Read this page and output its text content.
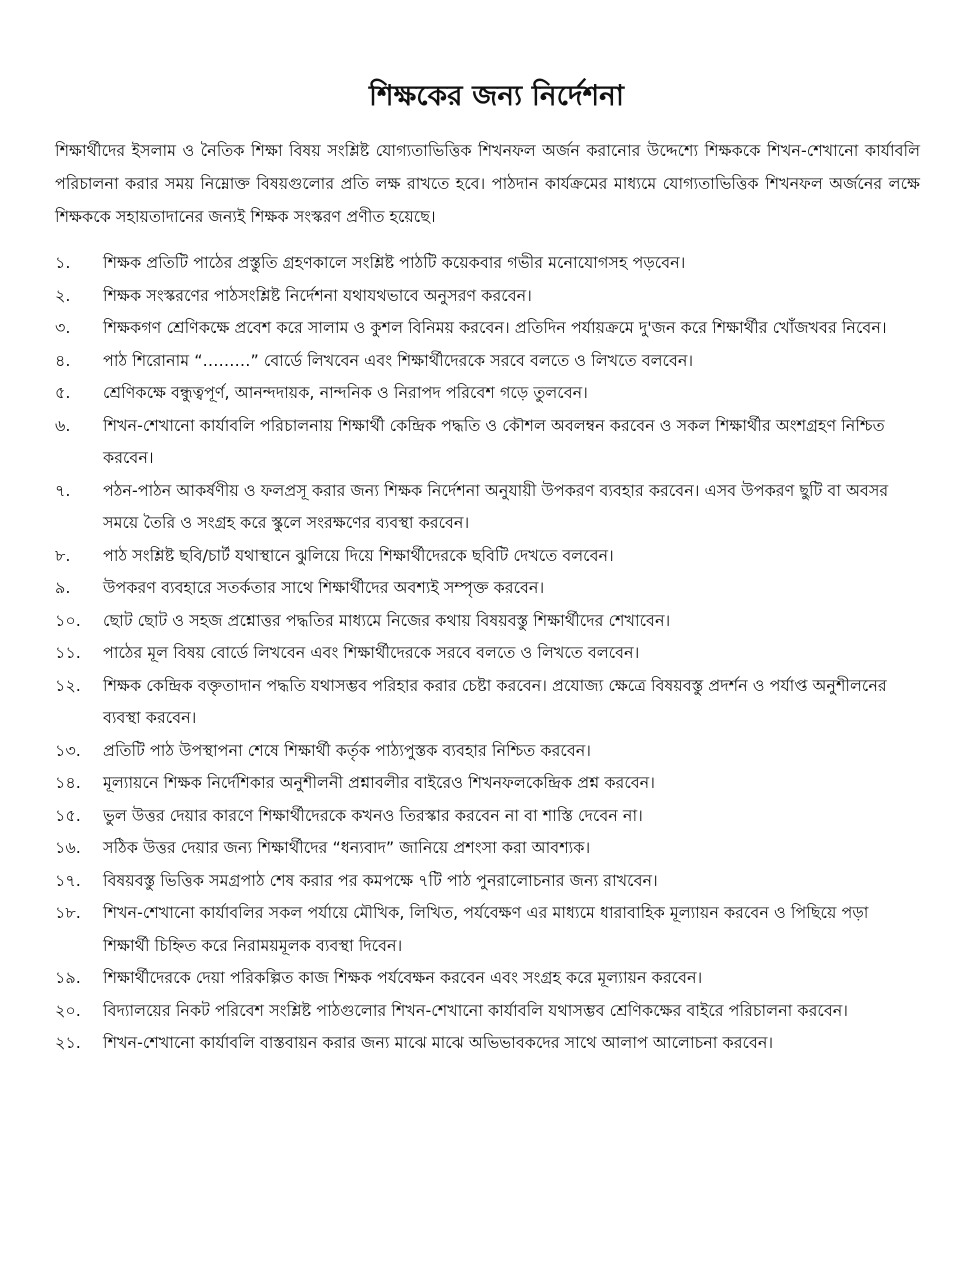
শিক্ষকের জন্য নির্দেশনা

শিক্ষার্থীদের ইসলাম ও নৈতিক শিক্ষা বিষয় সংশ্লিষ্ট যোগ্যতাভিত্তিক শিখনফল অর্জন করানোর উদ্দেশ্যে শিক্ষককে শিখন-শেখানো কার্যাবলি পরিচালনা করার সময় নিম্নোক্ত বিষয়গুলোর প্রতি লক্ষ রাখতে হবে। পাঠদান কার্যক্রমের মাধ্যমে যোগ্যতাভিত্তিক শিখনফল অর্জনের লক্ষে শিক্ষককে সহায়তাদানের জন্যই শিক্ষক সংস্করণ প্রণীত হয়েছে।

১.	শিক্ষক প্রতিটি পাঠের প্রস্তুতি গ্রহণকালে সংশ্লিষ্ট পাঠটি কয়েকবার গভীর মনোযোগসহ পড়বেন।
২.	শিক্ষক সংস্করণের পাঠসংশ্লিষ্ট নির্দেশনা যথাযথভাবে অনুসরণ করবেন।
৩.	শিক্ষকগণ শ্রেণিকক্ষে প্রবেশ করে সালাম ও কুশল বিনিময় করবেন। প্রতিদিন পর্যায়ক্রমে দু'জন করে শিক্ষার্থীর খোঁজখবর নিবেন।
৪.	পাঠ শিরোনাম “………” বোর্ডে লিখবেন এবং শিক্ষার্থীদেরকে সরবে বলতে ও লিখতে বলবেন।
৫.	শ্রেণিকক্ষে বন্ধুত্বপূর্ণ, আনন্দদায়ক, নান্দনিক ও নিরাপদ পরিবেশ গড়ে তুলবেন।
৬.	শিখন-শেখানো কার্যাবলি পরিচালনায় শিক্ষার্থী কেন্দ্রিক পদ্ধতি ও কৌশল অবলম্বন করবেন ও সকল শিক্ষার্থীর অংশগ্রহণ নিশ্চিত করবেন।
৭.	পঠন-পাঠন আকর্ষণীয় ও ফলপ্রসূ করার জন্য শিক্ষক নির্দেশনা অনুযায়ী উপকরণ ব্যবহার করবেন। এসব উপকরণ ছুটি বা অবসর সময়ে তৈরি ও সংগ্রহ করে স্কুলে সংরক্ষণের ব্যবস্থা করবেন।
৮.	পাঠ সংশ্লিষ্ট ছবি/চার্ট যথাস্থানে ঝুলিয়ে দিয়ে শিক্ষার্থীদেরকে ছবিটি দেখতে বলবেন।
৯.	উপকরণ ব্যবহারে সতর্কতার সাথে শিক্ষার্থীদের অবশ্যই সম্পৃক্ত করবেন।
১০.	ছোট ছোট ও সহজ প্রশ্নোত্তর পদ্ধতির মাধ্যমে নিজের কথায় বিষয়বস্তু শিক্ষার্থীদের শেখাবেন।
১১.	পাঠের মূল বিষয় বোর্ডে লিখবেন এবং শিক্ষার্থীদেরকে সরবে বলতে ও লিখতে বলবেন।
১২.	শিক্ষক কেন্দ্রিক বক্তৃতাদান পদ্ধতি যথাসম্ভব পরিহার করার চেষ্টা করবেন। প্রযোজ্য ক্ষেত্রে বিষয়বস্তু প্রদর্শন ও পর্যাপ্ত অনুশীলনের ব্যবস্থা করবেন।
১৩.	প্রতিটি পাঠ উপস্থাপনা শেষে শিক্ষার্থী কর্তৃক পাঠ্যপুস্তক ব্যবহার নিশ্চিত করবেন।
১৪.	মূল্যায়নে শিক্ষক নির্দেশিকার অনুশীলনী প্রশ্নাবলীর বাইরেও শিখনফলকেন্দ্রিক প্রশ্ন করবেন।
১৫.	ভুল উত্তর দেয়ার কারণে শিক্ষার্থীদেরকে কখনও তিরস্কার করবেন না বা শাস্তি দেবেন না।
১৬.	সঠিক উত্তর দেয়ার জন্য শিক্ষার্থীদের “ধন্যবাদ” জানিয়ে প্রশংসা করা আবশ্যক।
১৭.	বিষয়বস্তু ভিত্তিক সমগ্রপাঠ শেষ করার পর কমপক্ষে ৭টি পাঠ পুনরালোচনার জন্য রাখবেন।
১৮.	শিখন-শেখানো কার্যাবলির সকল পর্যায়ে মৌখিক, লিখিত, পর্যবেক্ষণ এর মাধ্যমে ধারাবাহিক মূল্যায়ন করবেন ও পিছিয়ে পড়া শিক্ষার্থী চিহ্নিত করে নিরাময়মূলক ব্যবস্থা দিবেন।
১৯.	শিক্ষার্থীদেরকে দেয়া পরিকল্পিত কাজ শিক্ষক পর্যবেক্ষন করবেন এবং সংগ্রহ করে মূল্যায়ন করবেন।
২০.	বিদ্যালয়ের নিকট পরিবেশ সংশ্লিষ্ট পাঠগুলোর শিখন-শেখানো কার্যাবলি যথাসম্ভব শ্রেণিকক্ষের বাইরে পরিচালনা করবেন।
২১.	শিখন-শেখানো কার্যাবলি বাস্তবায়ন করার জন্য মাঝে মাঝে অভিভাবকদের সাথে আলাপ আলোচনা করবেন।
